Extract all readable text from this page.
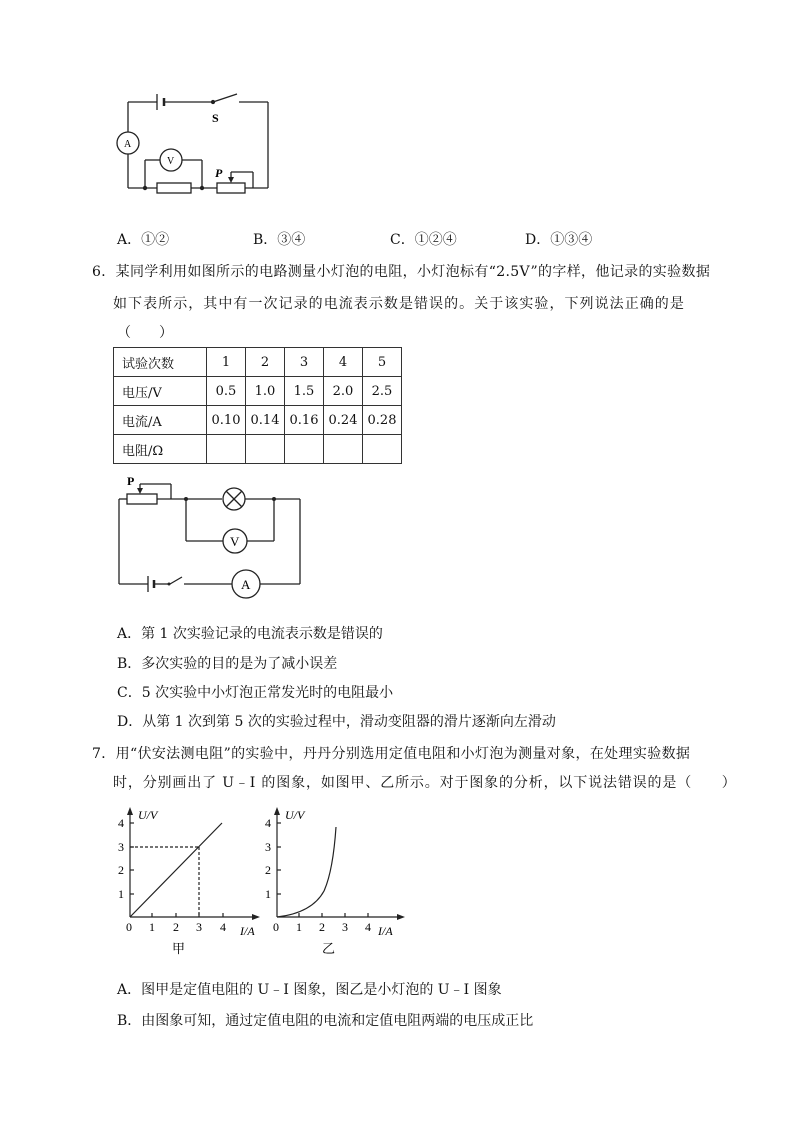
S
A
V
P
A．①②	B．③④	C．①②④	D．①③④
6．某同学利用如图所示的电路测量小灯泡的电阻，小灯泡标有“2.5V”的字样，他记录的实验数据
如下表所示，其中有一次记录的电流表示数是错误的。关于该实验，下列说法正确的是
（　　）
试验次数	1	2	3	4	5
电压/V	0.5	1.0	1.5	2.0	2.5
电流/A	0.10	0.14	0.16	0.24	0.28
电阻/Ω					
P
V
A
A．第 1 次实验记录的电流表示数是错误的
B．多次实验的目的是为了减小误差
C．5 次实验中小灯泡正常发光时的电阻最小
D．从第 1 次到第 5 次的实验过程中，滑动变阻器的滑片逐渐向左滑动
7．用“伏安法测电阻”的实验中，丹丹分别选用定值电阻和小灯泡为测量对象，在处理实验数据
时，分别画出了 U﹣I 的图象，如图甲、乙所示。对于图象的分析，以下说法错误的是（　　）
U/V
I/A
0 1 2 3 4
1
2
3
4
甲
U/V
I/A
0 1 2 3 4
1
2
3
4
乙
A．图甲是定值电阻的 U﹣I 图象，图乙是小灯泡的 U﹣I 图象
B．由图象可知，通过定值电阻的电流和定值电阻两端的电压成正比
